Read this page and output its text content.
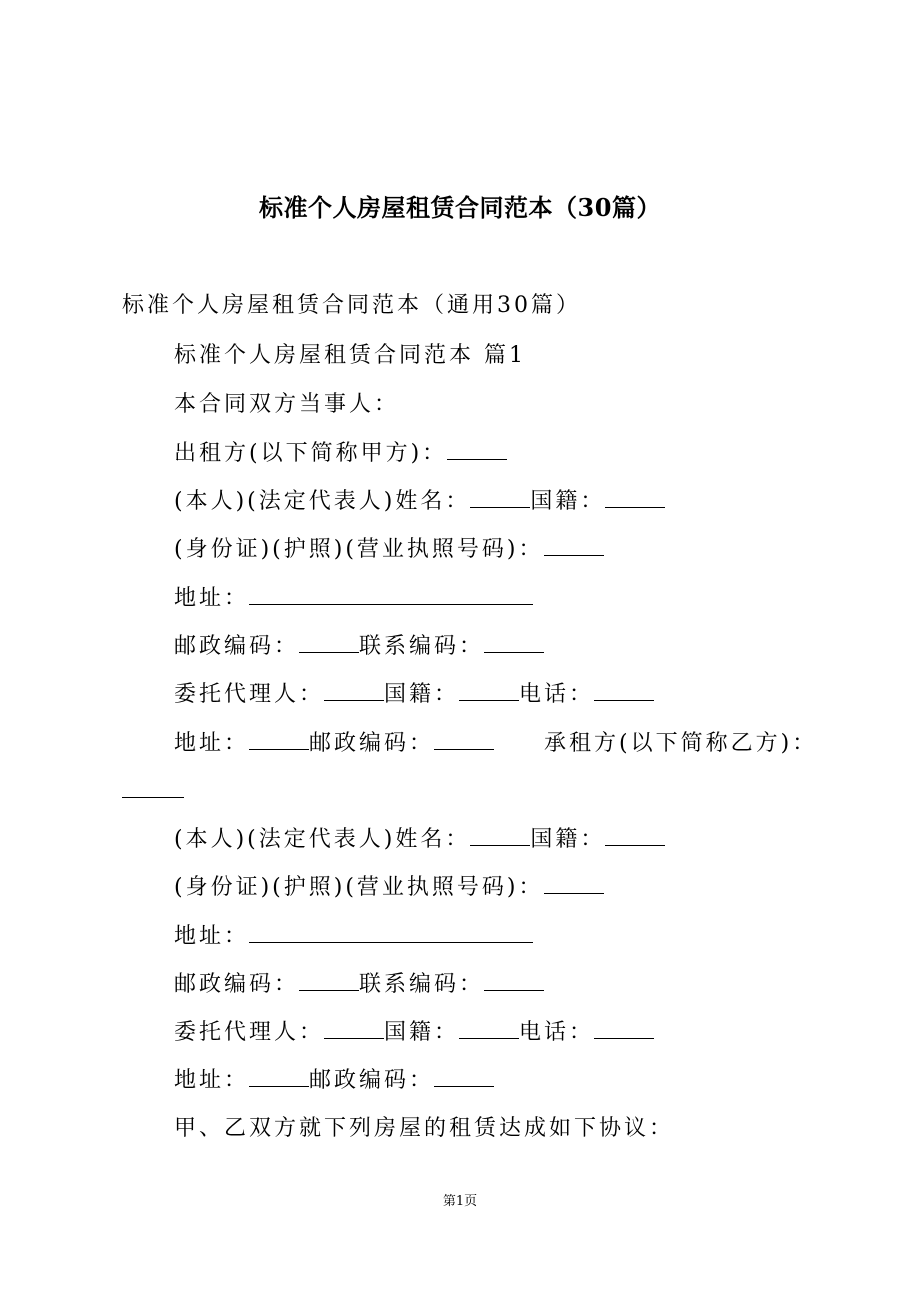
标准个人房屋租赁合同范本（30篇）
标准个人房屋租赁合同范本（通用30篇）
标准个人房屋租赁合同范本 篇1
本合同双方当事人：
出租方(以下简称甲方)：
(本人)(法定代表人)姓名：	国籍：
(身份证)(护照)(营业执照号码)：
地址：
邮政编码：	联系编码：
委托代理人：	国籍：	电话：
地址：	邮政编码：	承租方(以下简称乙方)：
(本人)(法定代表人)姓名：	国籍：
(身份证)(护照)(营业执照号码)：
地址：
邮政编码：	联系编码：
委托代理人：	国籍：	电话：
地址：	邮政编码：
甲、乙双方就下列房屋的租赁达成如下协议：
第1页
